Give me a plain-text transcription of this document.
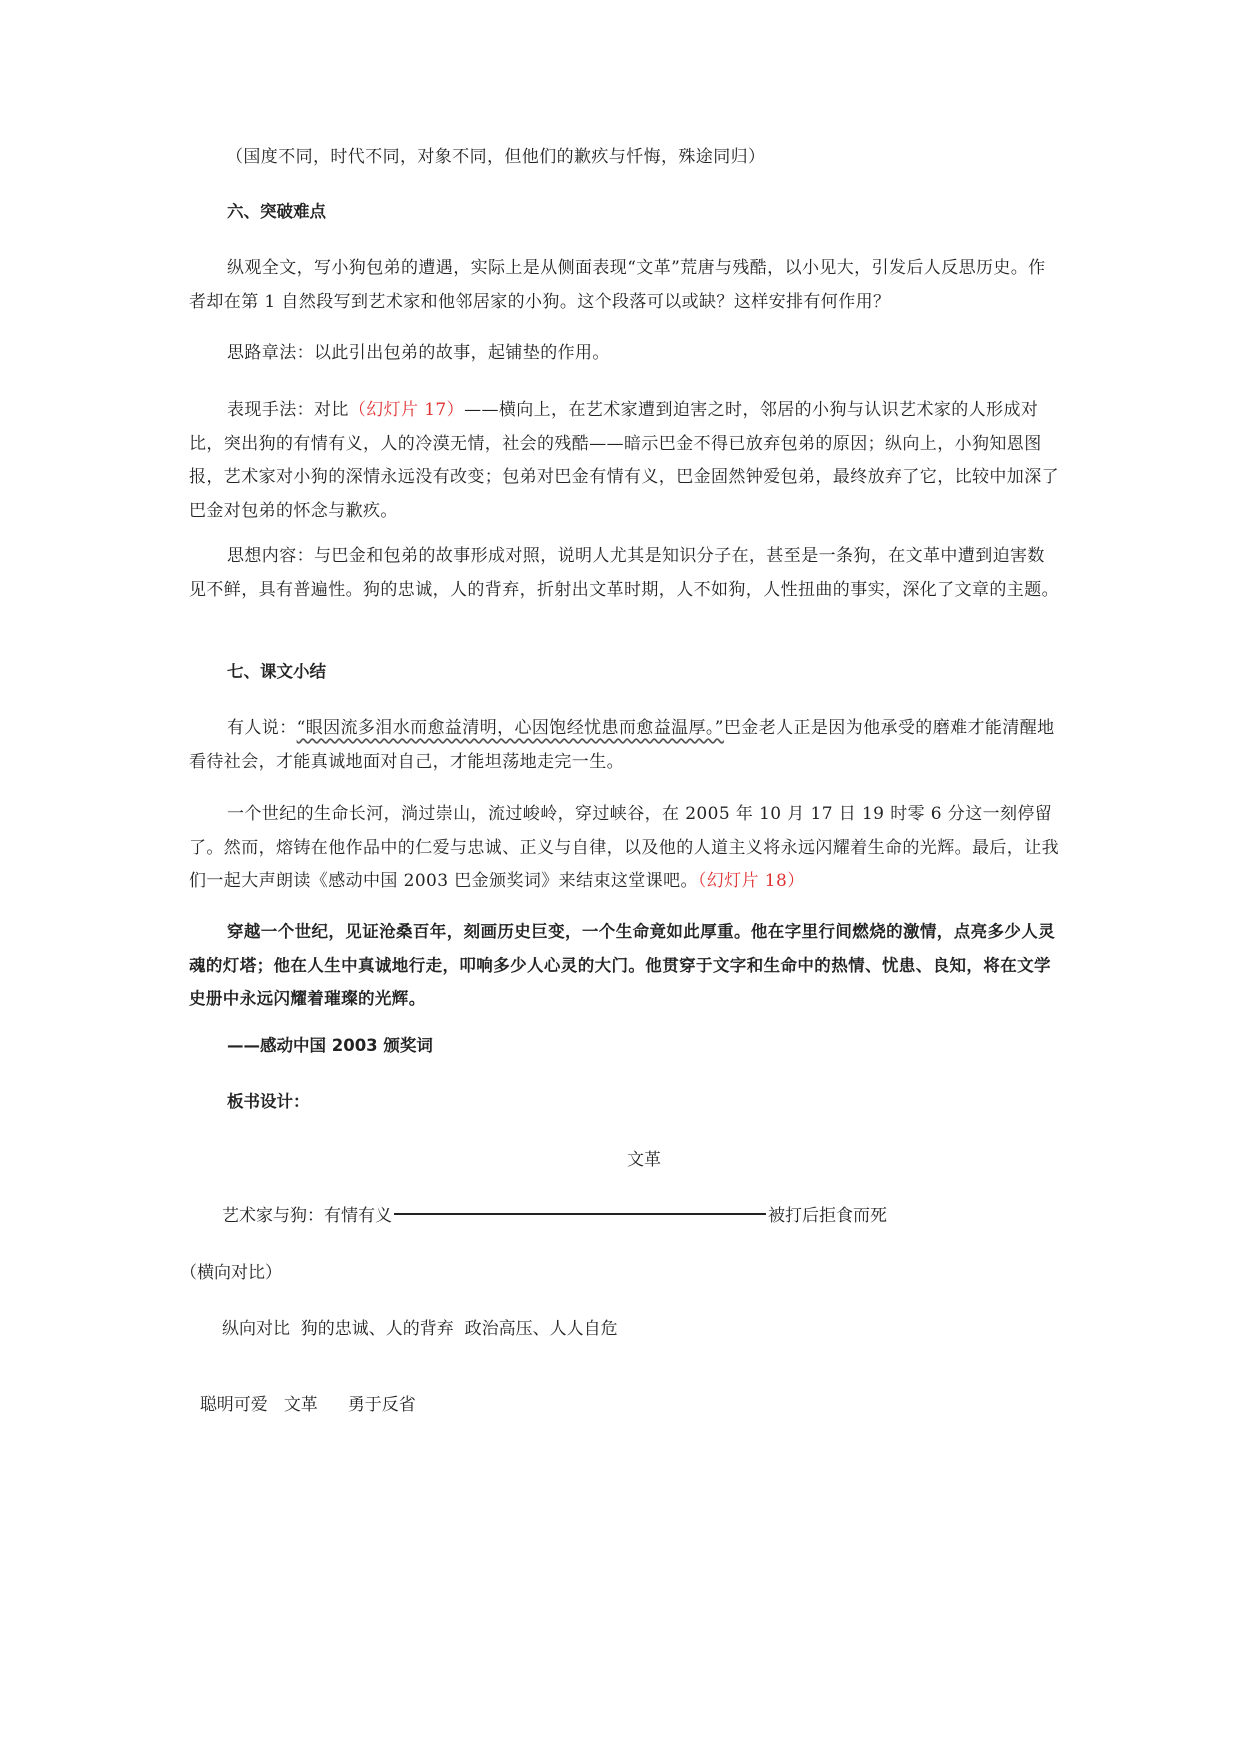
（国度不同，时代不同，对象不同，但他们的歉疚与忏悔，殊途同归）
六、突破难点
纵观全文，写小狗包弟的遭遇，实际上是从侧面表现“文革”荒唐与残酷，以小见大，引发后人反思历史。作者却在第 1 自然段写到艺术家和他邻居家的小狗。这个段落可以或缺？这样安排有何作用？
思路章法：以此引出包弟的故事，起铺垫的作用。
表现手法：对比（幻灯片 17）——横向上，在艺术家遭到迫害之时，邻居的小狗与认识艺术家的人形成对比，突出狗的有情有义，人的冷漠无情，社会的残酷——暗示巴金不得已放弃包弟的原因；纵向上，小狗知恩图报，艺术家对小狗的深情永远没有改变；包弟对巴金有情有义，巴金固然钟爱包弟，最终放弃了它，比较中加深了巴金对包弟的怀念与歉疚。
思想内容：与巴金和包弟的故事形成对照，说明人尤其是知识分子在，甚至是一条狗，在文革中遭到迫害数见不鲜，具有普遍性。狗的忠诚，人的背弃，折射出文革时期，人不如狗，人性扭曲的事实，深化了文章的主题。
七、课文小结
有人说：“眼因流多泪水而愈益清明，心因饱经忧患而愈益温厚。”巴金老人正是因为他承受的磨难才能清醒地看待社会，才能真诚地面对自己，才能坦荡地走完一生。
一个世纪的生命长河，淌过崇山，流过峻岭，穿过峡谷，在 2005 年 10 月 17 日 19 时零 6 分这一刻停留了。然而，熔铸在他作品中的仁爱与忠诚、正义与自律，以及他的人道主义将永远闪耀着生命的光辉。最后，让我们一起大声朗读《感动中国 2003 巴金颁奖词》来结束这堂课吧。（幻灯片 18）
穿越一个世纪，见证沧桑百年，刻画历史巨变，一个生命竟如此厚重。他在字里行间燃烧的激情，点亮多少人灵魂的灯塔；他在人生中真诚地行走，叩响多少人心灵的大门。他贯穿于文字和生命中的热情、忧患、良知，将在文学史册中永远闪耀着璀璨的光辉。
——感动中国 2003 颁奖词
板书设计：
文革
艺术家与狗：有情有义	被打后拒食而死
（横向对比）
纵向对比  狗的忠诚、人的背弃  政治高压、人人自危

聪明可爱 文革 勇于反省
